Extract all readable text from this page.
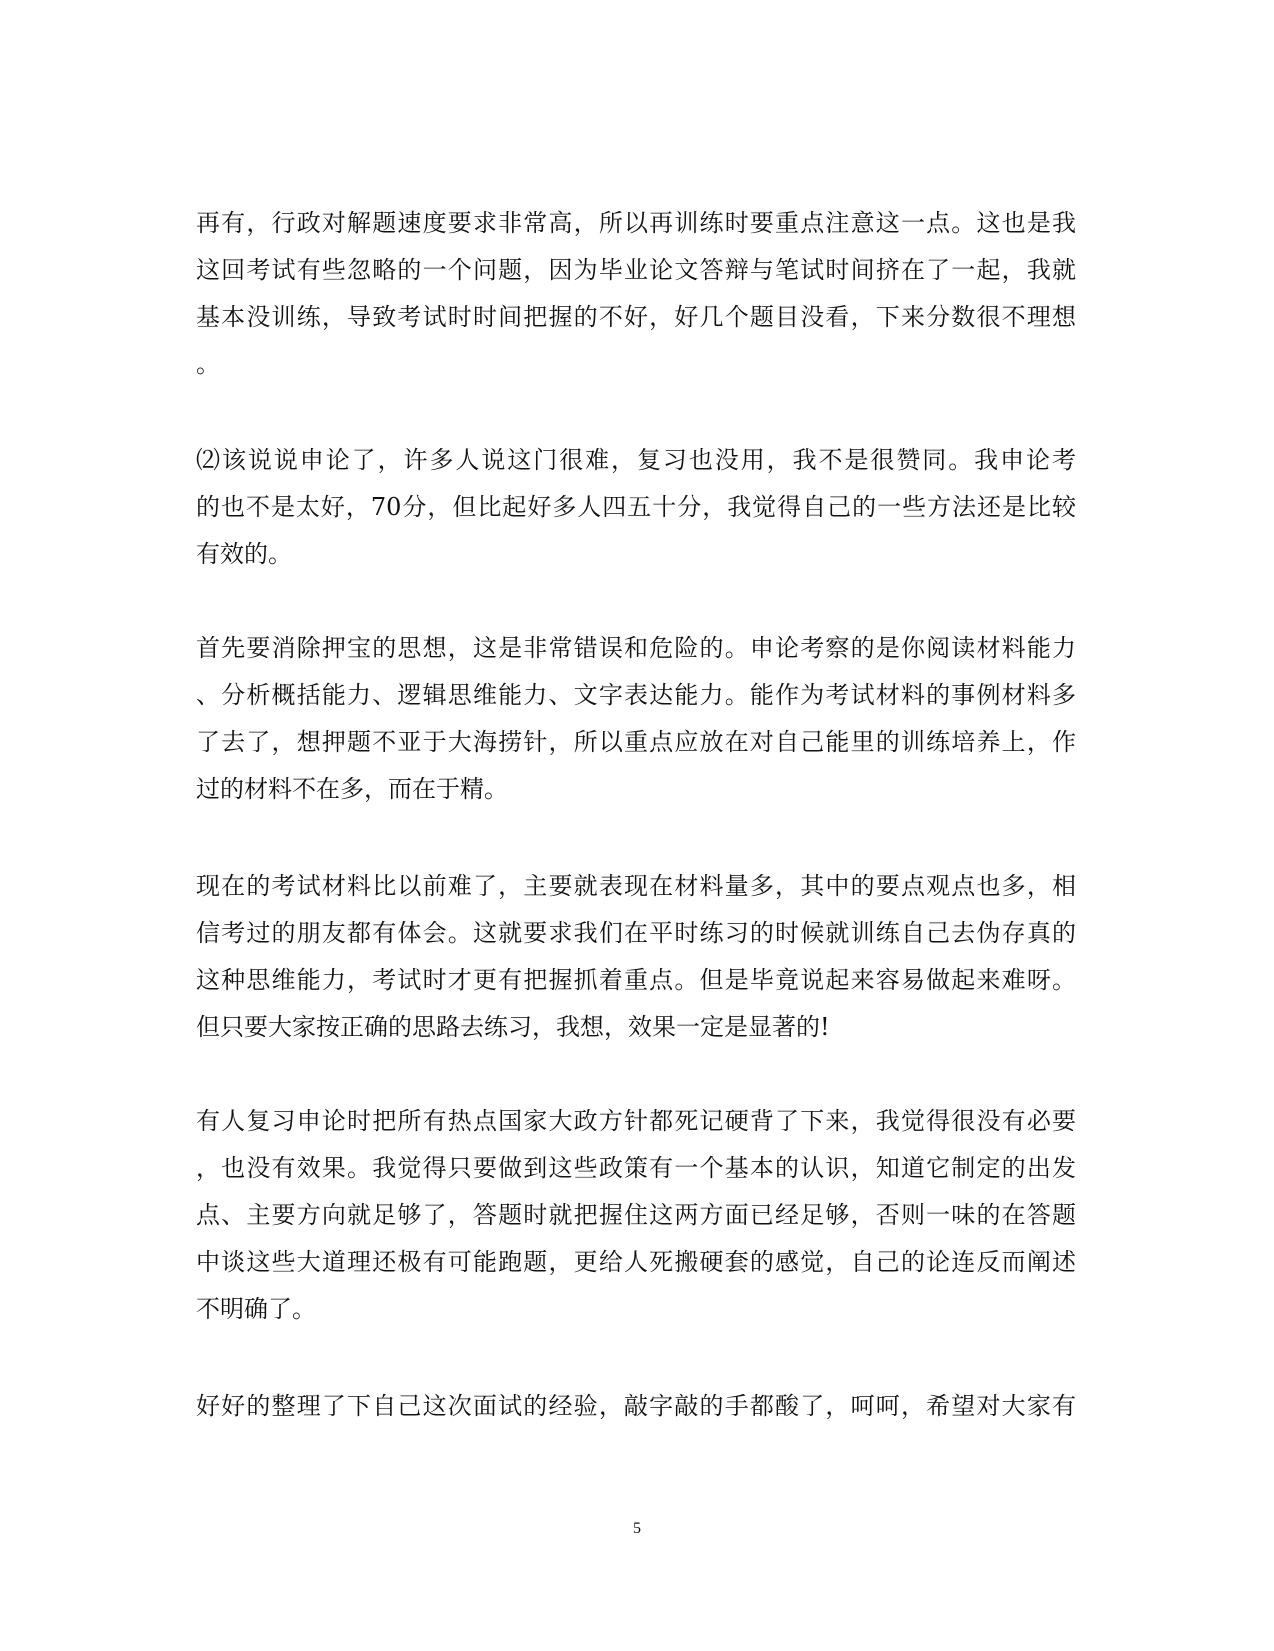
再有，行政对解题速度要求非常高，所以再训练时要重点注意这一点。这也是我
这回考试有些忽略的一个问题，因为毕业论文答辩与笔试时间挤在了一起，我就
基本没训练，导致考试时时间把握的不好，好几个题目没看，下来分数很不理想
。
⑵该说说申论了，许多人说这门很难，复习也没用，我不是很赞同。我申论考
的也不是太好，70分，但比起好多人四五十分，我觉得自己的一些方法还是比较
有效的。
首先要消除押宝的思想，这是非常错误和危险的。申论考察的是你阅读材料能力
、分析概括能力、逻辑思维能力、文字表达能力。能作为考试材料的事例材料多
了去了，想押题不亚于大海捞针，所以重点应放在对自己能里的训练培养上，作
过的材料不在多，而在于精。
现在的考试材料比以前难了，主要就表现在材料量多，其中的要点观点也多，相
信考过的朋友都有体会。这就要求我们在平时练习的时候就训练自己去伪存真的
这种思维能力，考试时才更有把握抓着重点。但是毕竟说起来容易做起来难呀。
但只要大家按正确的思路去练习，我想，效果一定是显著的!
有人复习申论时把所有热点国家大政方针都死记硬背了下来，我觉得很没有必要
，也没有效果。我觉得只要做到这些政策有一个基本的认识，知道它制定的出发
点、主要方向就足够了，答题时就把握住这两方面已经足够，否则一味的在答题
中谈这些大道理还极有可能跑题，更给人死搬硬套的感觉，自己的论连反而阐述
不明确了。
好好的整理了下自己这次面试的经验，敲字敲的手都酸了，呵呵，希望对大家有
5
